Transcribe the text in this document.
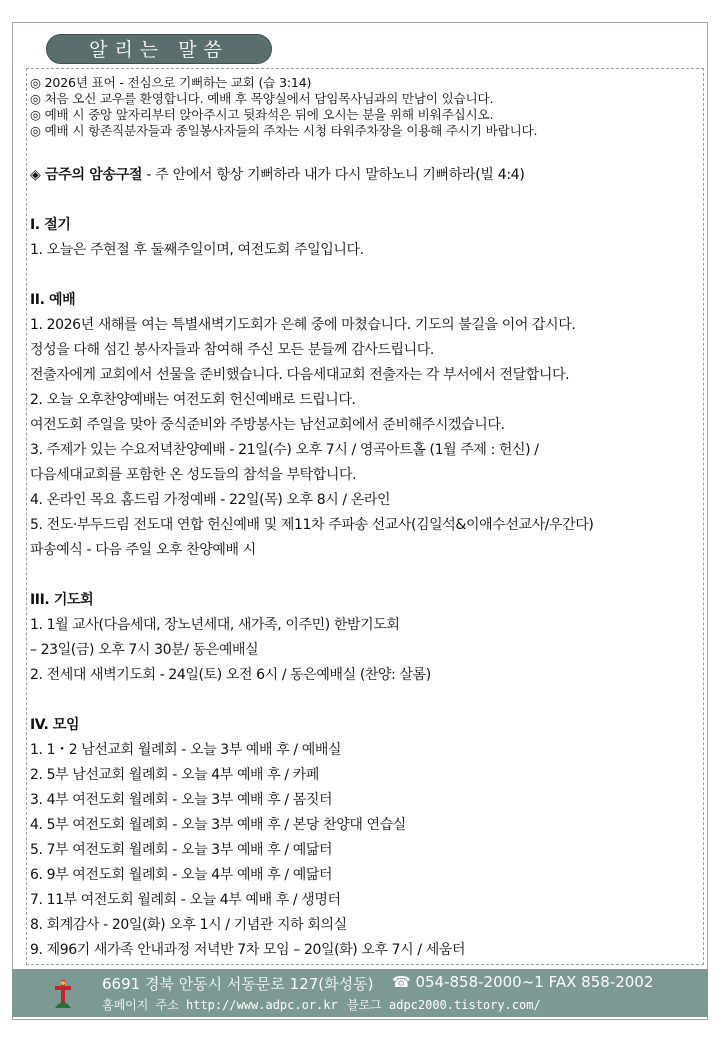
알리는 말씀
◎ 2026년 표어 - 전심으로 기뻐하는 교회 (습 3:14)
◎ 처음 오신 교우를 환영합니다. 예배 후 목양실에서 담임목사님과의 만남이 있습니다.
◎ 예배 시 중앙 앞자리부터 앉아주시고 뒷좌석은 뒤에 오시는 분을 위해 비워주십시오.
◎ 예배 시 항존직분자들과 종일봉사자들의 주차는 시청 타워주차장을 이용해 주시기 바랍니다.
◈ 금주의 암송구절 - 주 안에서 항상 기뻐하라 내가 다시 말하노니 기뻐하라(빌 4:4)
I. 절기
1. 오늘은 주현절 후 둘째주일이며, 여전도회 주일입니다.
II. 예배
1. 2026년 새해를 여는 특별새벽기도회가 은혜 중에 마쳤습니다. 기도의 불길을 이어 갑시다.
정성을 다해 섬긴 봉사자들과 참여해 주신 모든 분들께 감사드립니다.
전출자에게 교회에서 선물을 준비했습니다. 다음세대교회 전출자는 각 부서에서 전달합니다.
2. 오늘 오후찬양예배는 여전도회 헌신예배로 드립니다.
여전도회 주일을 맞아 중식준비와 주방봉사는 남선교회에서 준비해주시겠습니다.
3. 주제가 있는 수요저녁찬양예배 - 21일(수) 오후 7시 / 영곡아트홀 (1월 주제 : 헌신) /
다음세대교회를 포함한 온 성도들의 참석을 부탁합니다.
4. 온라인 목요 홈드림 가정예배 - 22일(목) 오후 8시 / 온라인
5. 전도·부두드림 전도대 연합 헌신예배 및 제11차 주파송 선교사(김일석&이애수선교사/우간다)
파송예식 - 다음 주일 오후 찬양예배 시
III. 기도회
1. 1월 교사(다음세대, 장노년세대, 새가족, 이주민) 한밤기도회
– 23일(금) 오후 7시 30분/ 동은예배실
2. 전세대 새벽기도회 - 24일(토) 오전 6시 / 동은예배실 (찬양: 살롬)
IV. 모임
1. 1・2 남선교회 월례회 - 오늘 3부 예배 후 / 예배실
2. 5부 남선교회 월례회 - 오늘 4부 예배 후 / 카페
3. 4부 여전도회 월례회 - 오늘 3부 예배 후 / 몸짓터
4. 5부 여전도회 월례회 - 오늘 3부 예배 후 / 본당 찬양대 연습실
5. 7부 여전도회 월례회 - 오늘 3부 예배 후 / 예닮터
6. 9부 여전도회 월례회 - 오늘 4부 예배 후 / 예닮터
7. 11부 여전도회 월례회 - 오늘 4부 예배 후 / 생명터
8. 회계감사 - 20일(화) 오후 1시 / 기념관 지하 회의실
9. 제96기 새가족 안내과정 저녁반 7차 모임 – 20일(화) 오후 7시 / 세움터
6691 경북 안동시 서동문로 127(화성동) ☎ 054-858-2000~1 FAX 858-2002
홈페이지 주소 http://www.adpc.or.kr 블로그 adpc2000.tistory.com/
